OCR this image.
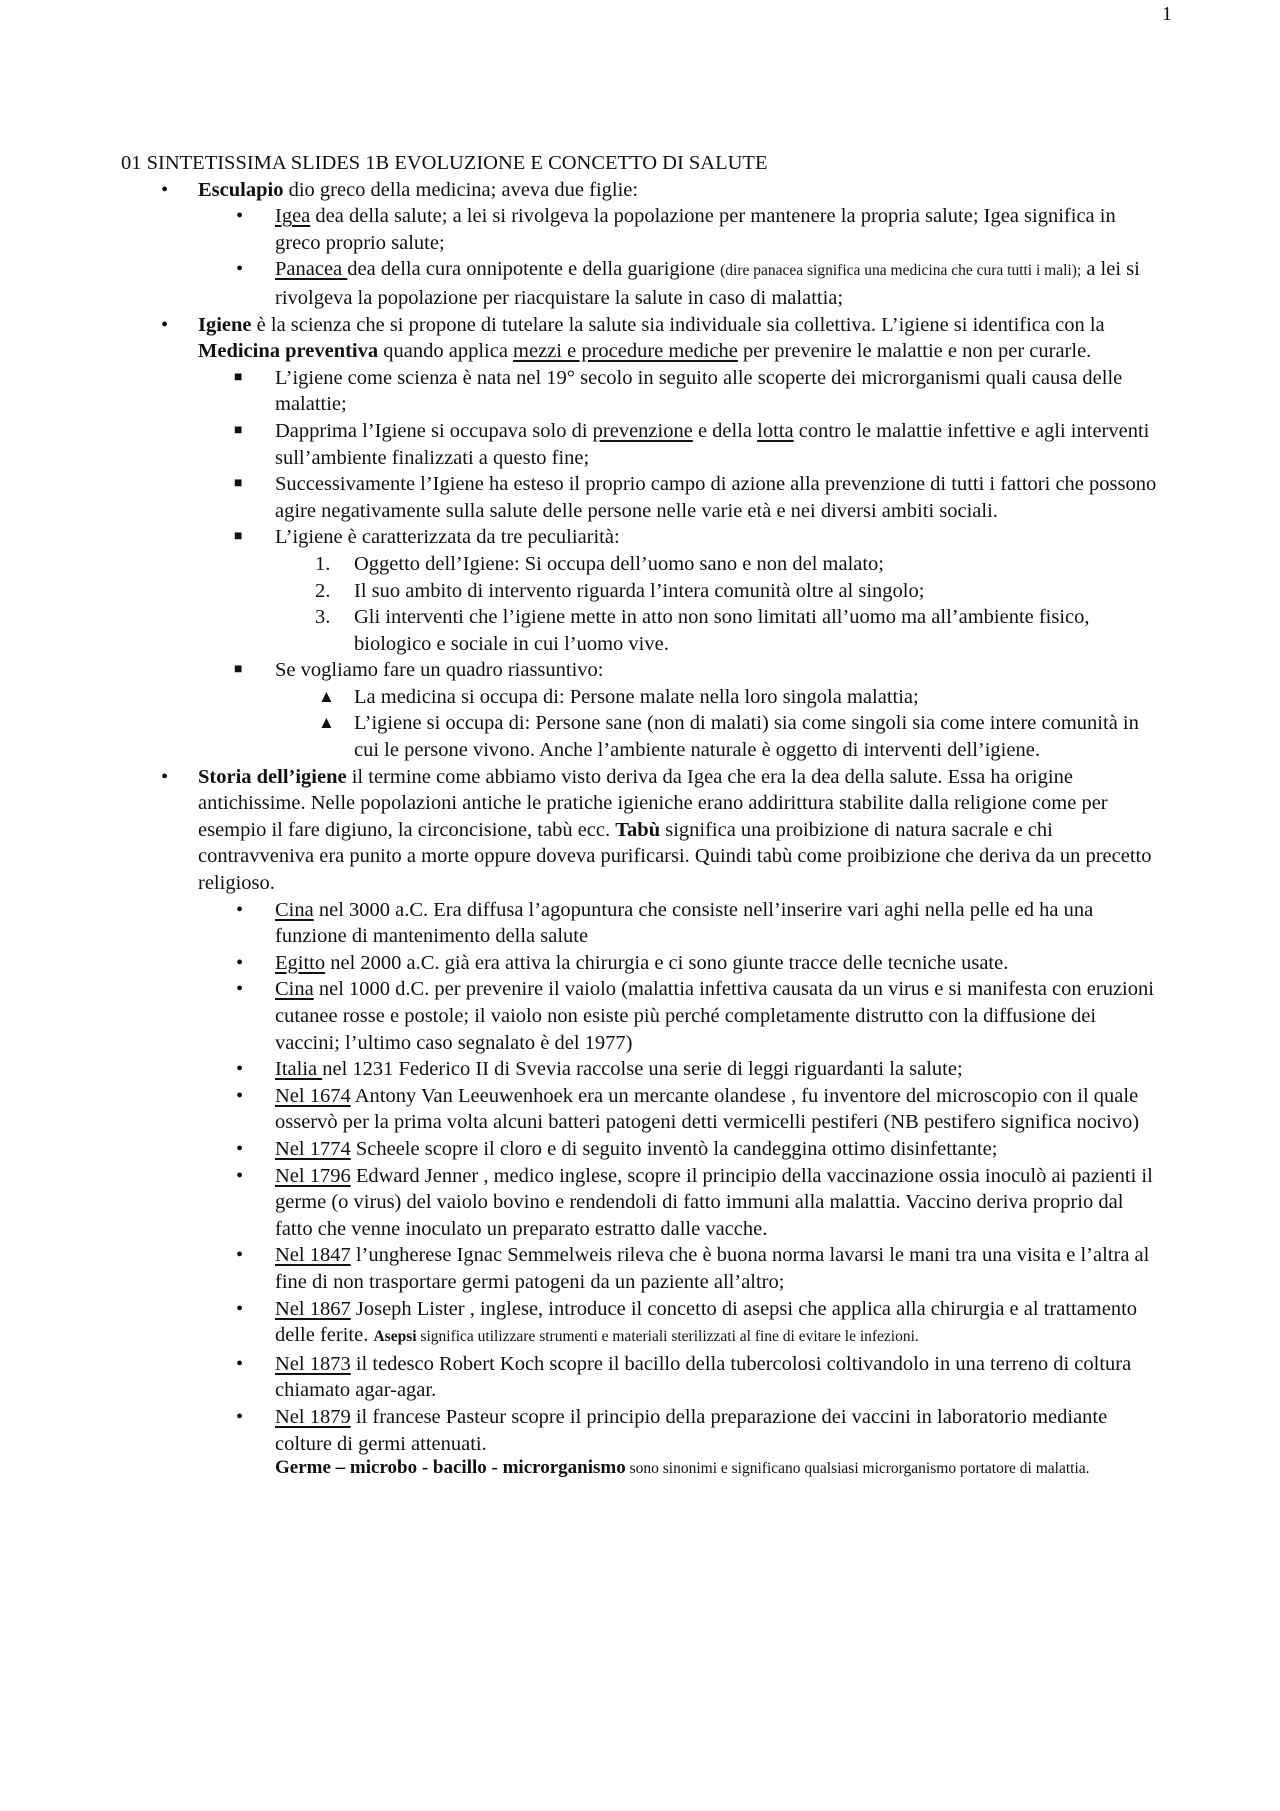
1
01 SINTETISSIMA SLIDES 1B EVOLUZIONE E CONCETTO DI SALUTE
• Esculapio dio greco della medicina; aveva due figlie:
• Igea dea della salute; a lei si rivolgeva la popolazione per mantenere la propria salute; Igea significa in greco proprio salute;
• Panacea dea della cura onnipotente e della guarigione (dire panacea significa una medicina che cura tutti i mali); a lei si rivolgeva la popolazione per riacquistare la salute in caso di malattia;
• Igiene è la scienza che si propone di tutelare la salute sia individuale sia collettiva. L’igiene si identifica con la Medicina preventiva quando applica mezzi e procedure mediche per prevenire le malattie e non per curarle.
■ L’igiene come scienza è nata nel 19° secolo in seguito alle scoperte dei microrganismi quali causa delle malattie;
■ Dapprima l’Igiene si occupava solo di prevenzione e della lotta contro le malattie infettive e agli interventi sull’ambiente finalizzati a questo fine;
■ Successivamente l’Igiene ha esteso il proprio campo di azione alla prevenzione di tutti i fattori che possono agire negativamente sulla salute delle persone nelle varie età e nei diversi ambiti sociali.
■ L’igiene è caratterizzata da tre peculiarità:
1. Oggetto dell’Igiene: Si occupa dell’uomo sano e non del malato;
2. Il suo ambito di intervento riguarda l’intera comunità oltre al singolo;
3. Gli interventi che l’igiene mette in atto non sono limitati all’uomo ma all’ambiente fisico, biologico e sociale in cui l’uomo vive.
■ Se vogliamo fare un quadro riassuntivo:
▲ La medicina si occupa di: Persone malate nella loro singola malattia;
▲ L’igiene si occupa di: Persone sane (non di malati) sia come singoli sia come intere comunità in cui le persone vivono. Anche l’ambiente naturale è oggetto di interventi dell’igiene.
• Storia dell’igiene il termine come abbiamo visto deriva da Igea che era la dea della salute. Essa ha origine antichissime. Nelle popolazioni antiche le pratiche igieniche erano addirittura stabilite dalla religione come per esempio il fare digiuno, la circoncisione, tabù ecc. Tabù significa una proibizione di natura sacrale e chi contravveniva era punito a morte oppure doveva purificarsi. Quindi tabù come proibizione che deriva da un precetto religioso.
• Cina nel 3000 a.C. Era diffusa l’agopuntura che consiste nell’inserire vari aghi nella pelle ed ha una funzione di mantenimento della salute
• Egitto nel 2000 a.C. già era attiva la chirurgia e ci sono giunte tracce delle tecniche usate.
• Cina nel 1000 d.C. per prevenire il vaiolo (malattia infettiva causata da un virus e si manifesta con eruzioni cutanee rosse e postole; il vaiolo non esiste più perché completamente distrutto con la diffusione dei vaccini; l’ultimo caso segnalato è del 1977)
• Italia nel 1231 Federico II di Svevia raccolse una serie di leggi riguardanti la salute;
• Nel 1674 Antony Van Leeuwenhoek era un mercante olandese , fu inventore del microscopio con il quale osservò per la prima volta alcuni batteri patogeni detti vermicelli pestiferi (NB pestifero significa nocivo)
• Nel 1774 Scheele scopre il cloro e di seguito inventò la candeggina ottimo disinfettante;
• Nel 1796 Edward Jenner , medico inglese, scopre il principio della vaccinazione ossia inoculò ai pazienti il germe (o virus) del vaiolo bovino e rendendoli di fatto immuni alla malattia. Vaccino deriva proprio dal fatto che venne inoculato un preparato estratto dalle vacche.
• Nel 1847 l’ungherese Ignac Semmelweis rileva che è buona norma lavarsi le mani tra una visita e l’altra al fine di non trasportare germi patogeni da un paziente all’altro;
• Nel 1867 Joseph Lister , inglese, introduce il concetto di asepsi che applica alla chirurgia e al trattamento delle ferite. Asepsi significa utilizzare strumenti e materiali sterilizzati al fine di evitare le infezioni.
• Nel 1873 il tedesco Robert Koch scopre il bacillo della tubercolosi coltivandolo in una terreno di coltura chiamato agar-agar.
• Nel 1879 il francese Pasteur scopre il principio della preparazione dei vaccini in laboratorio mediante colture di germi attenuati.
Germe – microbo - bacillo - microrganismo sono sinonimi e significano qualsiasi microrganismo portatore di malattia.
